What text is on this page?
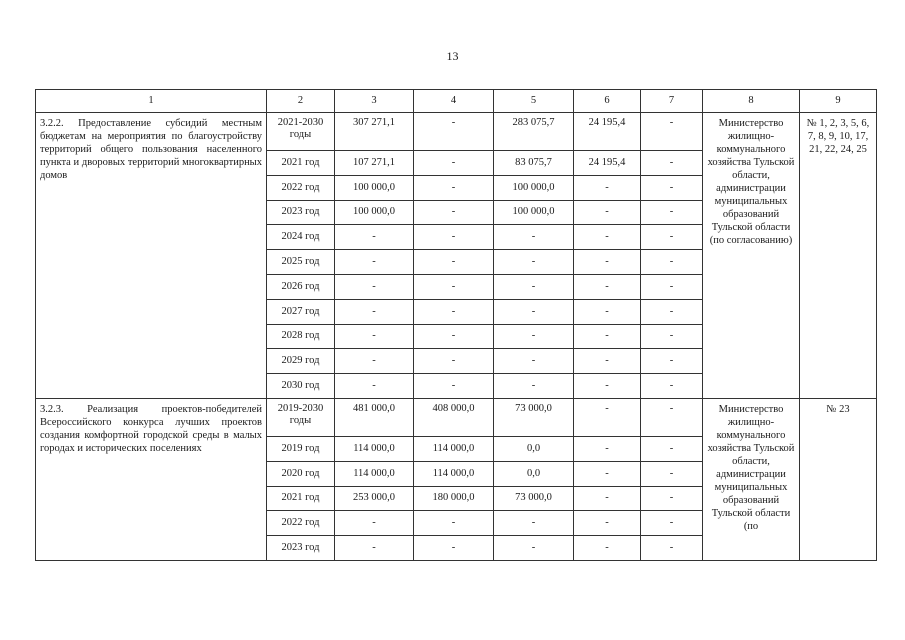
13
1	2	3	4	5	6	7	8	9
3.2.2. Предоставление субсидий местным бюджетам на мероприятия по благоустройству территорий общего пользования населенного пункта и дворовых территорий многоквартирных домов	2021-2030 годы	307 271,1	-	283 075,7	24 195,4	-	Министерство жилищно-коммунального хозяйства Тульской области, администрации муниципальных образований Тульской области (по согласованию)	№ 1, 2, 3, 5, 6, 7, 8, 9, 10, 17, 21, 22, 24, 25
	2021 год	107 271,1	-	83 075,7	24 195,4	-		
	2022 год	100 000,0	-	100 000,0	-	-		
	2023 год	100 000,0	-	100 000,0	-	-		
	2024 год	-	-	-	-	-		
	2025 год	-	-	-	-	-		
	2026 год	-	-	-	-	-		
	2027 год	-	-	-	-	-		
	2028 год	-	-	-	-	-		
	2029 год	-	-	-	-	-		
	2030 год	-	-	-	-	-		
3.2.3. Реализация проектов-победителей Всероссийского конкурса лучших проектов создания комфортной городской среды в малых городах и исторических поселениях	2019-2030 годы	481 000,0	408 000,0	73 000,0	-	-	Министерство жилищно-коммунального хозяйства Тульской области, администрации муниципальных образований Тульской области (по	№ 23
	2019 год	114 000,0	114 000,0	0,0	-	-		
	2020 год	114 000,0	114 000,0	0,0	-	-		
	2021 год	253 000,0	180 000,0	73 000,0	-	-		
	2022 год	-	-	-	-	-		
	2023 год	-	-	-	-	-		
